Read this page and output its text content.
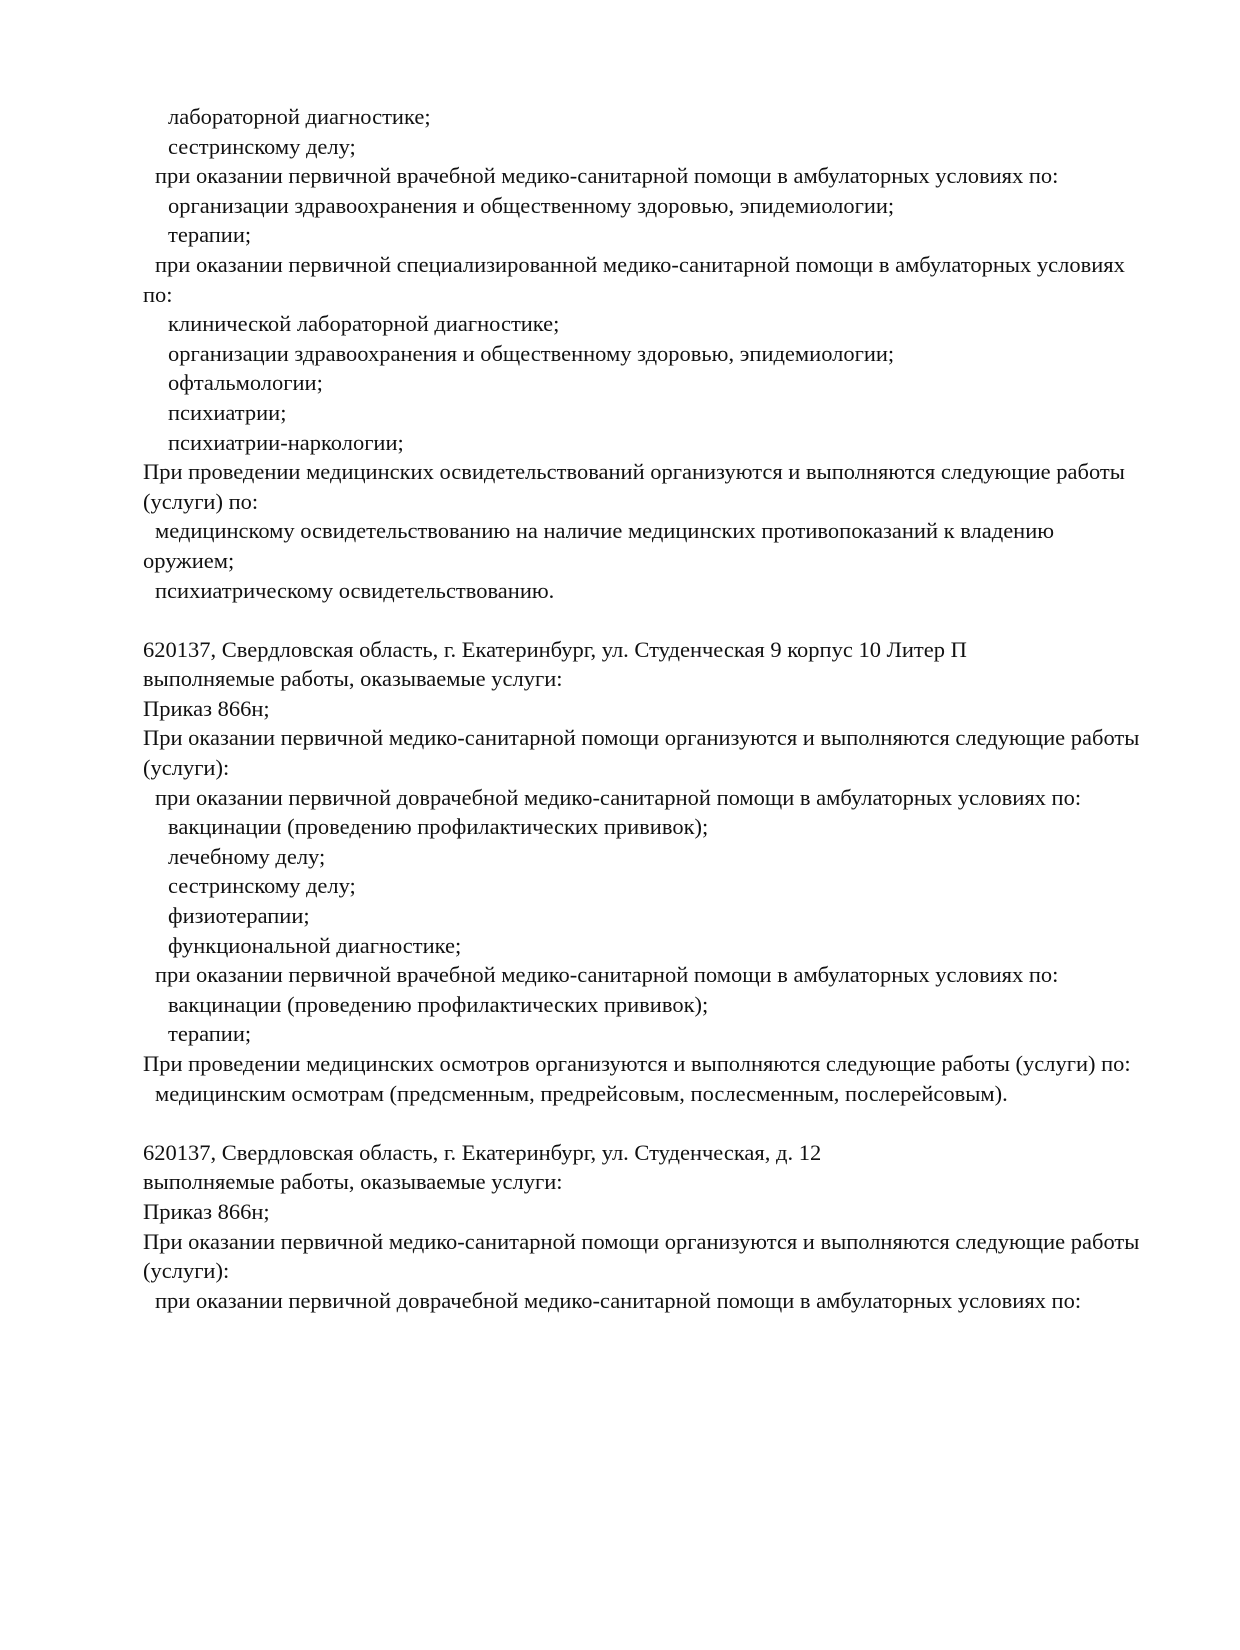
лабораторной диагностике;
сестринскому делу;
при оказании первичной врачебной медико-санитарной помощи в амбулаторных условиях по:
организации здравоохранения и общественному здоровью, эпидемиологии;
терапии;
при оказании первичной специализированной медико-санитарной помощи в амбулаторных условиях по:
клинической лабораторной диагностике;
организации здравоохранения и общественному здоровью, эпидемиологии;
офтальмологии;
психиатрии;
психиатрии-наркологии;
При проведении медицинских освидетельствований организуются и выполняются следующие работы (услуги) по:
медицинскому освидетельствованию на наличие медицинских противопоказаний к владению оружием;
психиатрическому освидетельствованию.
620137, Свердловская область, г. Екатеринбург, ул. Студенческая 9 корпус 10 Литер П
выполняемые работы, оказываемые услуги:
Приказ 866н;
При оказании первичной медико-санитарной помощи организуются и выполняются следующие работы (услуги):
при оказании первичной доврачебной медико-санитарной помощи в амбулаторных условиях по:
вакцинации (проведению профилактических прививок);
лечебному делу;
сестринскому делу;
физиотерапии;
функциональной диагностике;
при оказании первичной врачебной медико-санитарной помощи в амбулаторных условиях по:
вакцинации (проведению профилактических прививок);
терапии;
При проведении медицинских осмотров организуются и выполняются следующие работы (услуги) по:
медицинским осмотрам (предсменным, предрейсовым, послесменным, послерейсовым).
620137, Свердловская область, г. Екатеринбург, ул. Студенческая, д. 12
выполняемые работы, оказываемые услуги:
Приказ 866н;
При оказании первичной медико-санитарной помощи организуются и выполняются следующие работы (услуги):
при оказании первичной доврачебной медико-санитарной помощи в амбулаторных условиях по:
